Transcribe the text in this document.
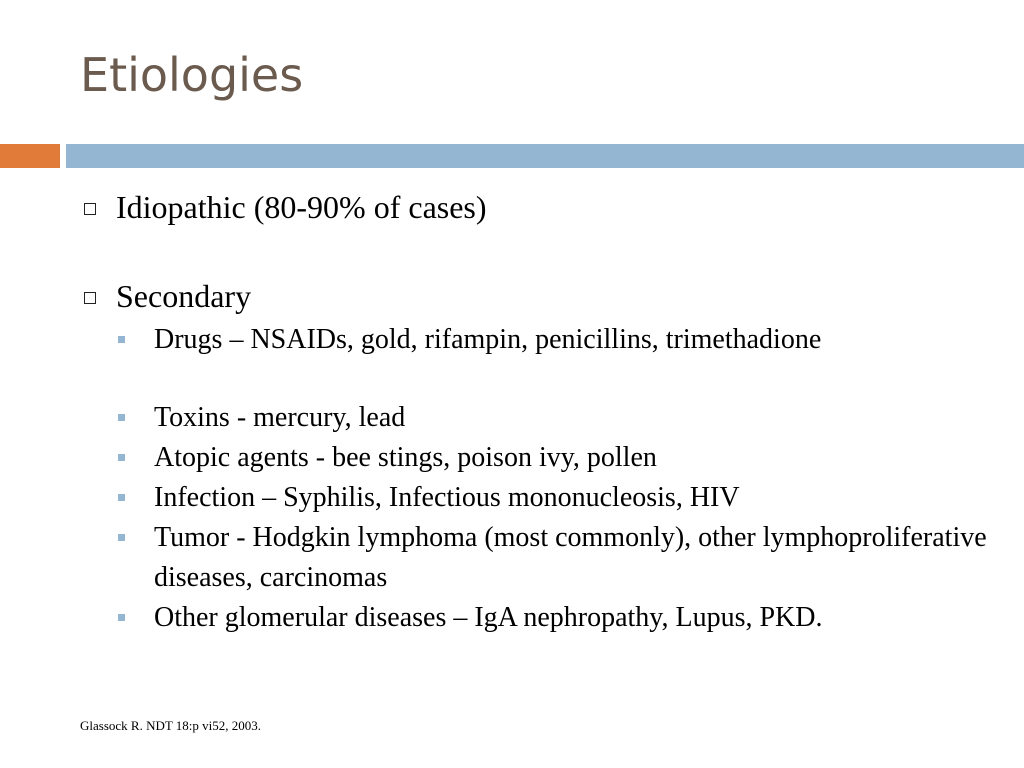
Etiologies
Idiopathic (80-90% of cases)
Secondary
Drugs – NSAIDs, gold, rifampin, penicillins, trimethadione
Toxins - mercury, lead
Atopic agents - bee stings, poison ivy, pollen
Infection – Syphilis, Infectious mononucleosis, HIV
Tumor - Hodgkin lymphoma (most commonly), other lymphoproliferative diseases, carcinomas
Other glomerular diseases – IgA nephropathy, Lupus, PKD.
Glassock R. NDT 18:p vi52, 2003.
